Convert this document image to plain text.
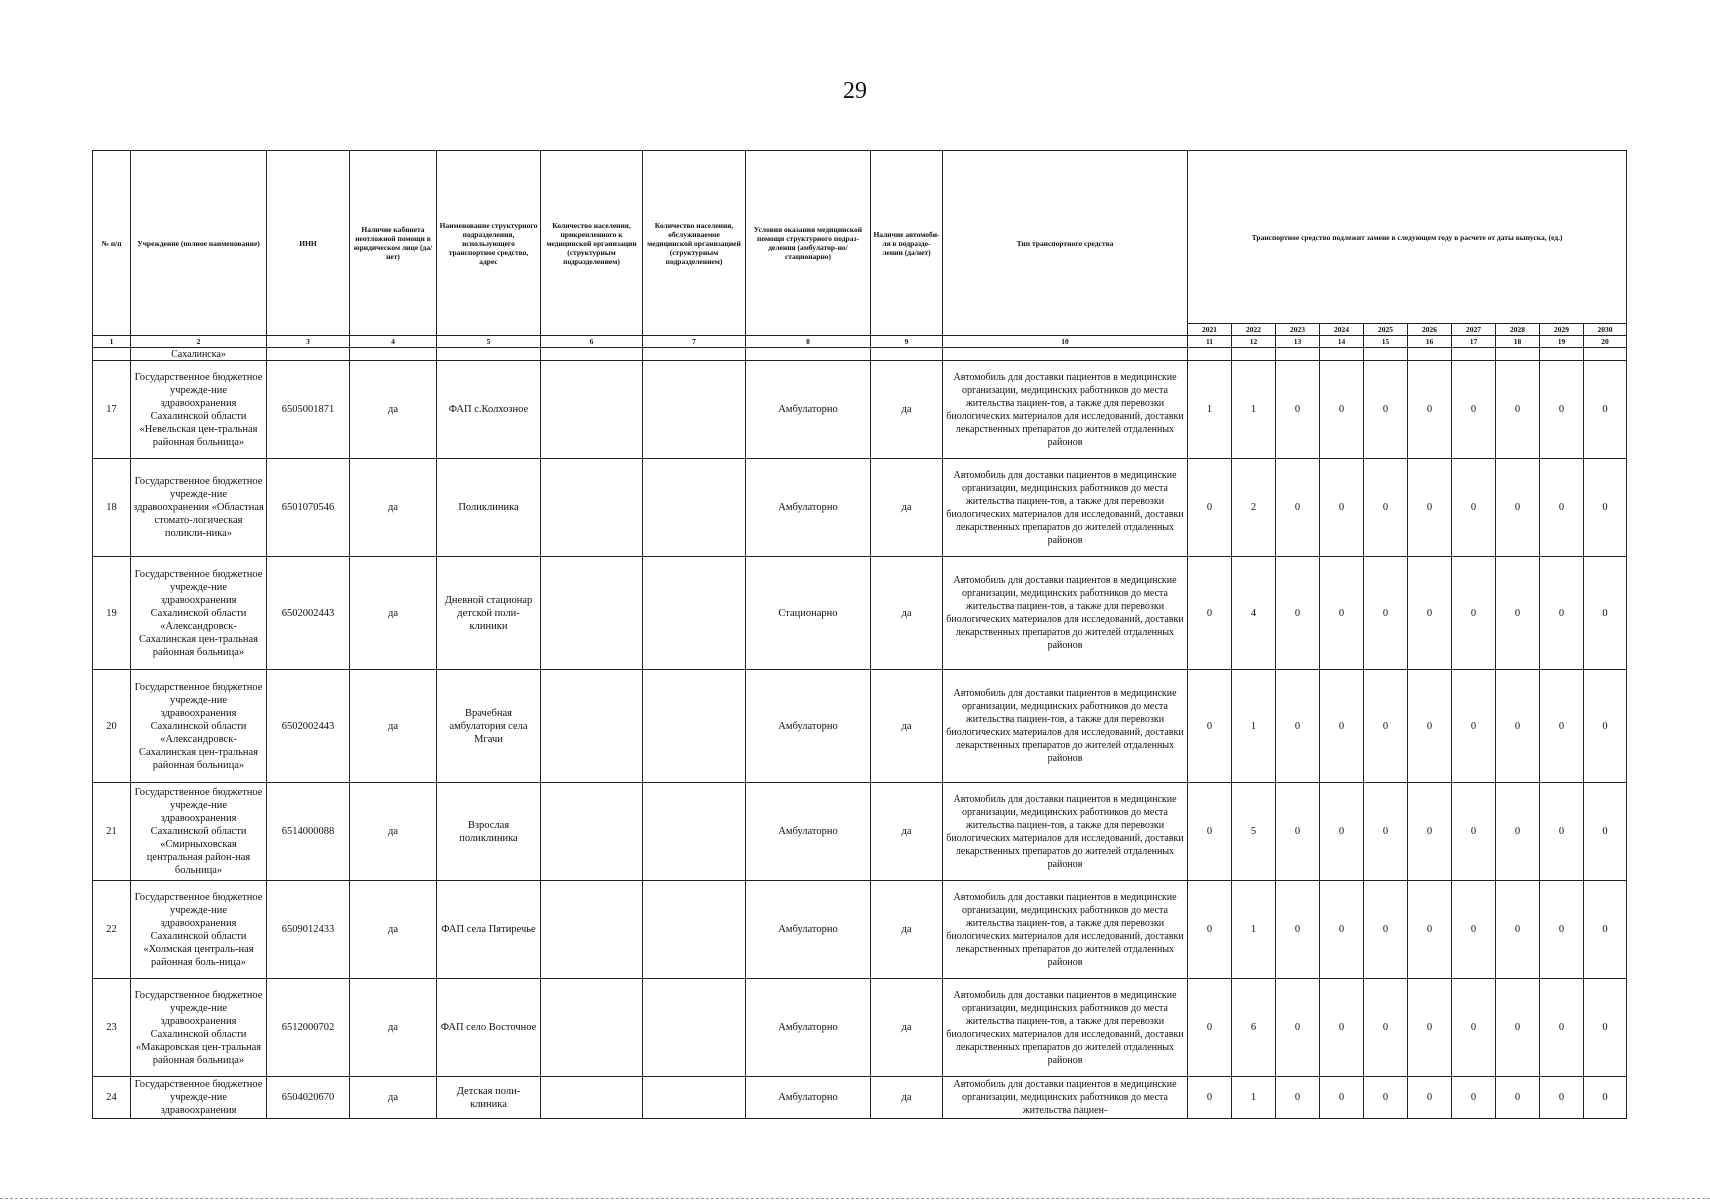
29
№ п/п	Учреждение (полное наименование)	ИНН	Наличие кабинета неотложной помощи в юридическом лице (да/нет)	Наименование структурного подразделения, использующего транспортное средство, адрес	Количество населения, прикрепленного к медицинской организации (структурным подразделением)	Количество населения, обслуживаемое медицинской организацией (структурным подразделением)	Условия оказания медицинской помощи структурного подраз-деления (амбулатор-но/стационарно)	Наличие автомоби-ля в подразде-лении (да/нет)	Тип транспортного средства	Транспортное средство подлежит замене в следующем году в расчете от даты выпуска, (ед.)									
										2021	2022	2023	2024	2025	2026	2027	2028	2029	2030
1	2	3	4	5	6	7	8	9	10	11	12	13	14	15	16	17	18	19	20
	Сахалинска»																		
17	Государственное бюджетное учрежде-ние здравоохранения Сахалинской области «Невельская цен-тральная районная больница»	6505001871	да	ФАП с.Колхозное			Амбулаторно	да	Автомобиль для доставки пациентов в медицинские организации, медицинских работников до места жительства пациен-тов, а также для перевозки биологических материалов для исследований, доставки лекарственных препаратов до жителей отдаленных районов	1	1	0	0	0	0	0	0	0	0
18	Государственное бюджетное учрежде-ние здравоохранения «Областная стомато-логическая поликли-ника»	6501070546	да	Поликлиника			Амбулаторно	да	Автомобиль для доставки пациентов в медицинские организации, медицинских работников до места жительства пациен-тов, а также для перевозки биологических материалов для исследований, доставки лекарственных препаратов до жителей отдаленных районов	0	2	0	0	0	0	0	0	0	0
19	Государственное бюджетное учрежде-ние здравоохранения Сахалинской области «Александровск-Сахалинская цен-тральная районная больница»	6502002443	да	Дневной стационар детской поли-клиники			Стационарно	да	Автомобиль для доставки пациентов в медицинские организации, медицинских работников до места жительства пациен-тов, а также для перевозки биологических материалов для исследований, доставки лекарственных препаратов до жителей отдаленных районов	0	4	0	0	0	0	0	0	0	0
20	Государственное бюджетное учрежде-ние здравоохранения Сахалинской области «Александровск-Сахалинская цен-тральная районная больница»	6502002443	да	Врачебная амбулатория села Мгачи			Амбулаторно	да	Автомобиль для доставки пациентов в медицинские организации, медицинских работников до места жительства пациен-тов, а также для перевозки биологических материалов для исследований, доставки лекарственных препаратов до жителей отдаленных районов	0	1	0	0	0	0	0	0	0	0
21	Государственное бюджетное учрежде-ние здравоохранения Сахалинской области «Смирныховская центральная район-ная больница»	6514000088	да	Взрослая поликлиника			Амбулаторно	да	Автомобиль для доставки пациентов в медицинские организации, медицинских работников до места жительства пациен-тов, а также для перевозки биологических материалов для исследований, доставки лекарственных препаратов до жителей отдаленных районов	0	5	0	0	0	0	0	0	0	0
22	Государственное бюджетное учрежде-ние здравоохранения Сахалинской области «Холмская централь-ная районная боль-ница»	6509012433	да	ФАП села Пятиречье			Амбулаторно	да	Автомобиль для доставки пациентов в медицинские организации, медицинских работников до места жительства пациен-тов, а также для перевозки биологических материалов для исследований, доставки лекарственных препаратов до жителей отдаленных районов	0	1	0	0	0	0	0	0	0	0
23	Государственное бюджетное учрежде-ние здравоохранения Сахалинской области «Макаровская цен-тральная районная больница»	6512000702	да	ФАП село Восточное			Амбулаторно	да	Автомобиль для доставки пациентов в медицинские организации, медицинских работников до места жительства пациен-тов, а также для перевозки биологических материалов для исследований, доставки лекарственных препаратов до жителей отдаленных районов	0	6	0	0	0	0	0	0	0	0
24	Государственное бюджетное учрежде-ние здравоохранения	6504020670	да	Детская поли-клиника			Амбулаторно	да	Автомобиль для доставки пациентов в медицинские организации, медицинских работников до места жительства пациен-	0	1	0	0	0	0	0	0	0	0
